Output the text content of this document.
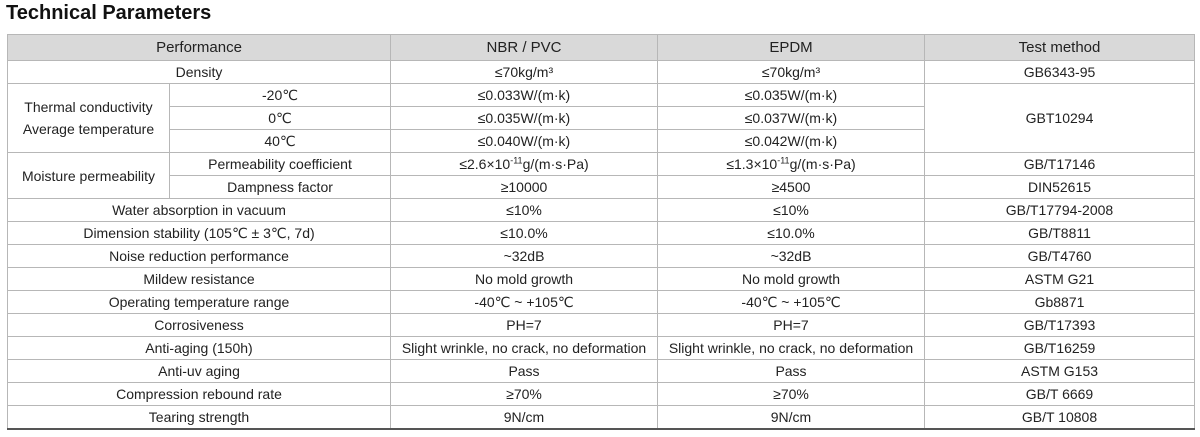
Technical Parameters
Performance		NBR / PVC	EPDM	Test method
Density		≤70kg/m³	≤70kg/m³	GB6343-95

Thermal conductivity
Average temperature	-20℃	≤0.033W/(m·k)	≤0.035W/(m·k)	GBT10294
	0℃	≤0.035W/(m·k)	≤0.037W/(m·k)	
	40℃	≤0.040W/(m·k)	≤0.042W/(m·k)	
Moisture permeability	Permeability coefficient	$\le 2.6\times 10^{-11}g/(m\cdot s\cdot Pa)$	$\le 1.3\times 10^{-11}g/(m\cdot s\cdot Pa)$	GB/T17146
	Dampness factor	≥10000	≥4500	DIN52615
Water absorption in vacuum		≤10%	≤10%	GB/T17794-2008
Dimension stability (105℃ ± 3℃, 7d)		≤10.0%	≤10.0%	GB/T8811
Noise reduction performance		~32dB	~32dB	GB/T4760
Mildew resistance		No mold growth	No mold growth	ASTM G21
Operating temperature range		-40℃ ~ +105℃	-40℃ ~ +105℃	Gb8871
Corrosiveness		PH=7	PH=7	GB/T17393
Anti-aging (150h)		Slight wrinkle, no crack, no deformation	Slight wrinkle, no crack, no deformation	GB/T16259
Anti-uv aging		Pass	Pass	ASTM G153
Compression rebound rate		≥70%	≥70%	GB/T 6669
Tearing strength		9N/cm	9N/cm	GB/T 10808
